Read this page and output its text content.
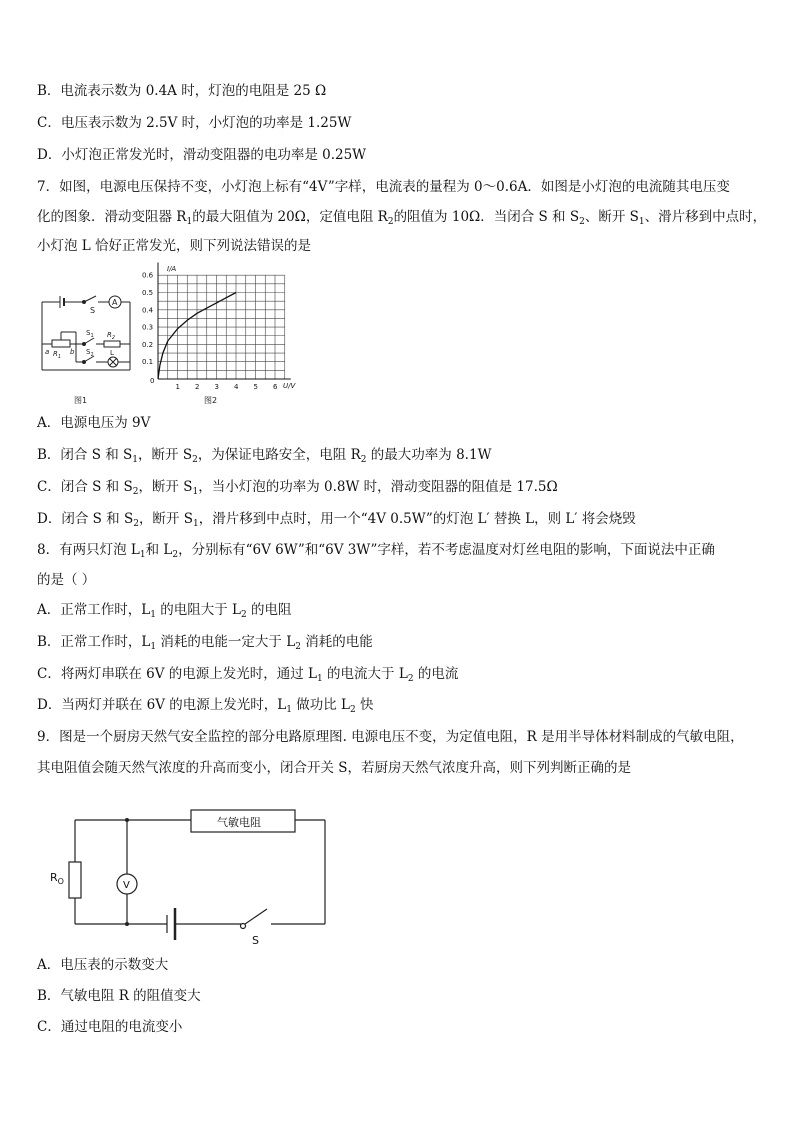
B．电流表示数为 0.4A 时，灯泡的电阻是 25 Ω
C．电压表示数为 2.5V 时，小灯泡的功率是 1.25W
D．小灯泡正常发光时，滑动变阻器的电功率是 0.25W
7．如图，电源电压保持不变，小灯泡上标有“4V”字样，电流表的量程为 0～0.6A．如图是小灯泡的电流随其电压变
化的图象．滑动变阻器 $R_1$的最大阻值为 20Ω，定值电阻 $R_2$的阻值为 10Ω．当闭合 S 和 $S_2$、断开 $S_1$、滑片移到中点时，
小灯泡 L 恰好正常发光，则下列说法错误的是
A
S
$S_1$ $R_2$
$S_2$ L
a $R_1$
b
图1
0.1
0.2
0.3
0.4
0.5
0.6
1 2 3 4 5 6
I/A
U/V
0
图2
A．电源电压为 9V
B．闭合 S 和 $S_1$，断开 $S_2$，为保证电路安全，电阻 $R_2$ 的最大功率为 8.1W
C．闭合 S 和 $S_2$，断开 $S_1$，当小灯泡的功率为 0.8W 时，滑动变阻器的阻值是 17.5Ω
D．闭合 S 和 $S_2$，断开 $S_1$，滑片移到中点时，用一个“4V 0.5W”的灯泡 L′ 替换 L，则 L′ 将会烧毁
8．有两只灯泡 $L_1$和 $L_2$，分别标有“6V 6W”和“6V 3W”字样，若不考虑温度对灯丝电阻的影响，下面说法中正确
的是（ ）
A．正常工作时，$L_1$ 的电阻大于 $L_2$ 的电阻
B．正常工作时，$L_1$ 消耗的电能一定大于 $L_2$ 消耗的电能
C．将两灯串联在 6V 的电源上发光时，通过 $L_1$ 的电流大于 $L_2$ 的电流
D．当两灯并联在 6V 的电源上发光时，$L_1$ 做功比 $L_2$ 快
9．图是一个厨房天然气安全监控的部分电路原理图. 电源电压不变，为定值电阻，R 是用半导体材料制成的气敏电阻，
其电阻值会随天然气浓度的升高而变小，闭合开关 S，若厨房天然气浓度升高，则下列判断正确的是
气敏电阻
$R_O$	V
S
A．电压表的示数变大
B．气敏电阻 R 的阻值变大
C．通过电阻的电流变小
